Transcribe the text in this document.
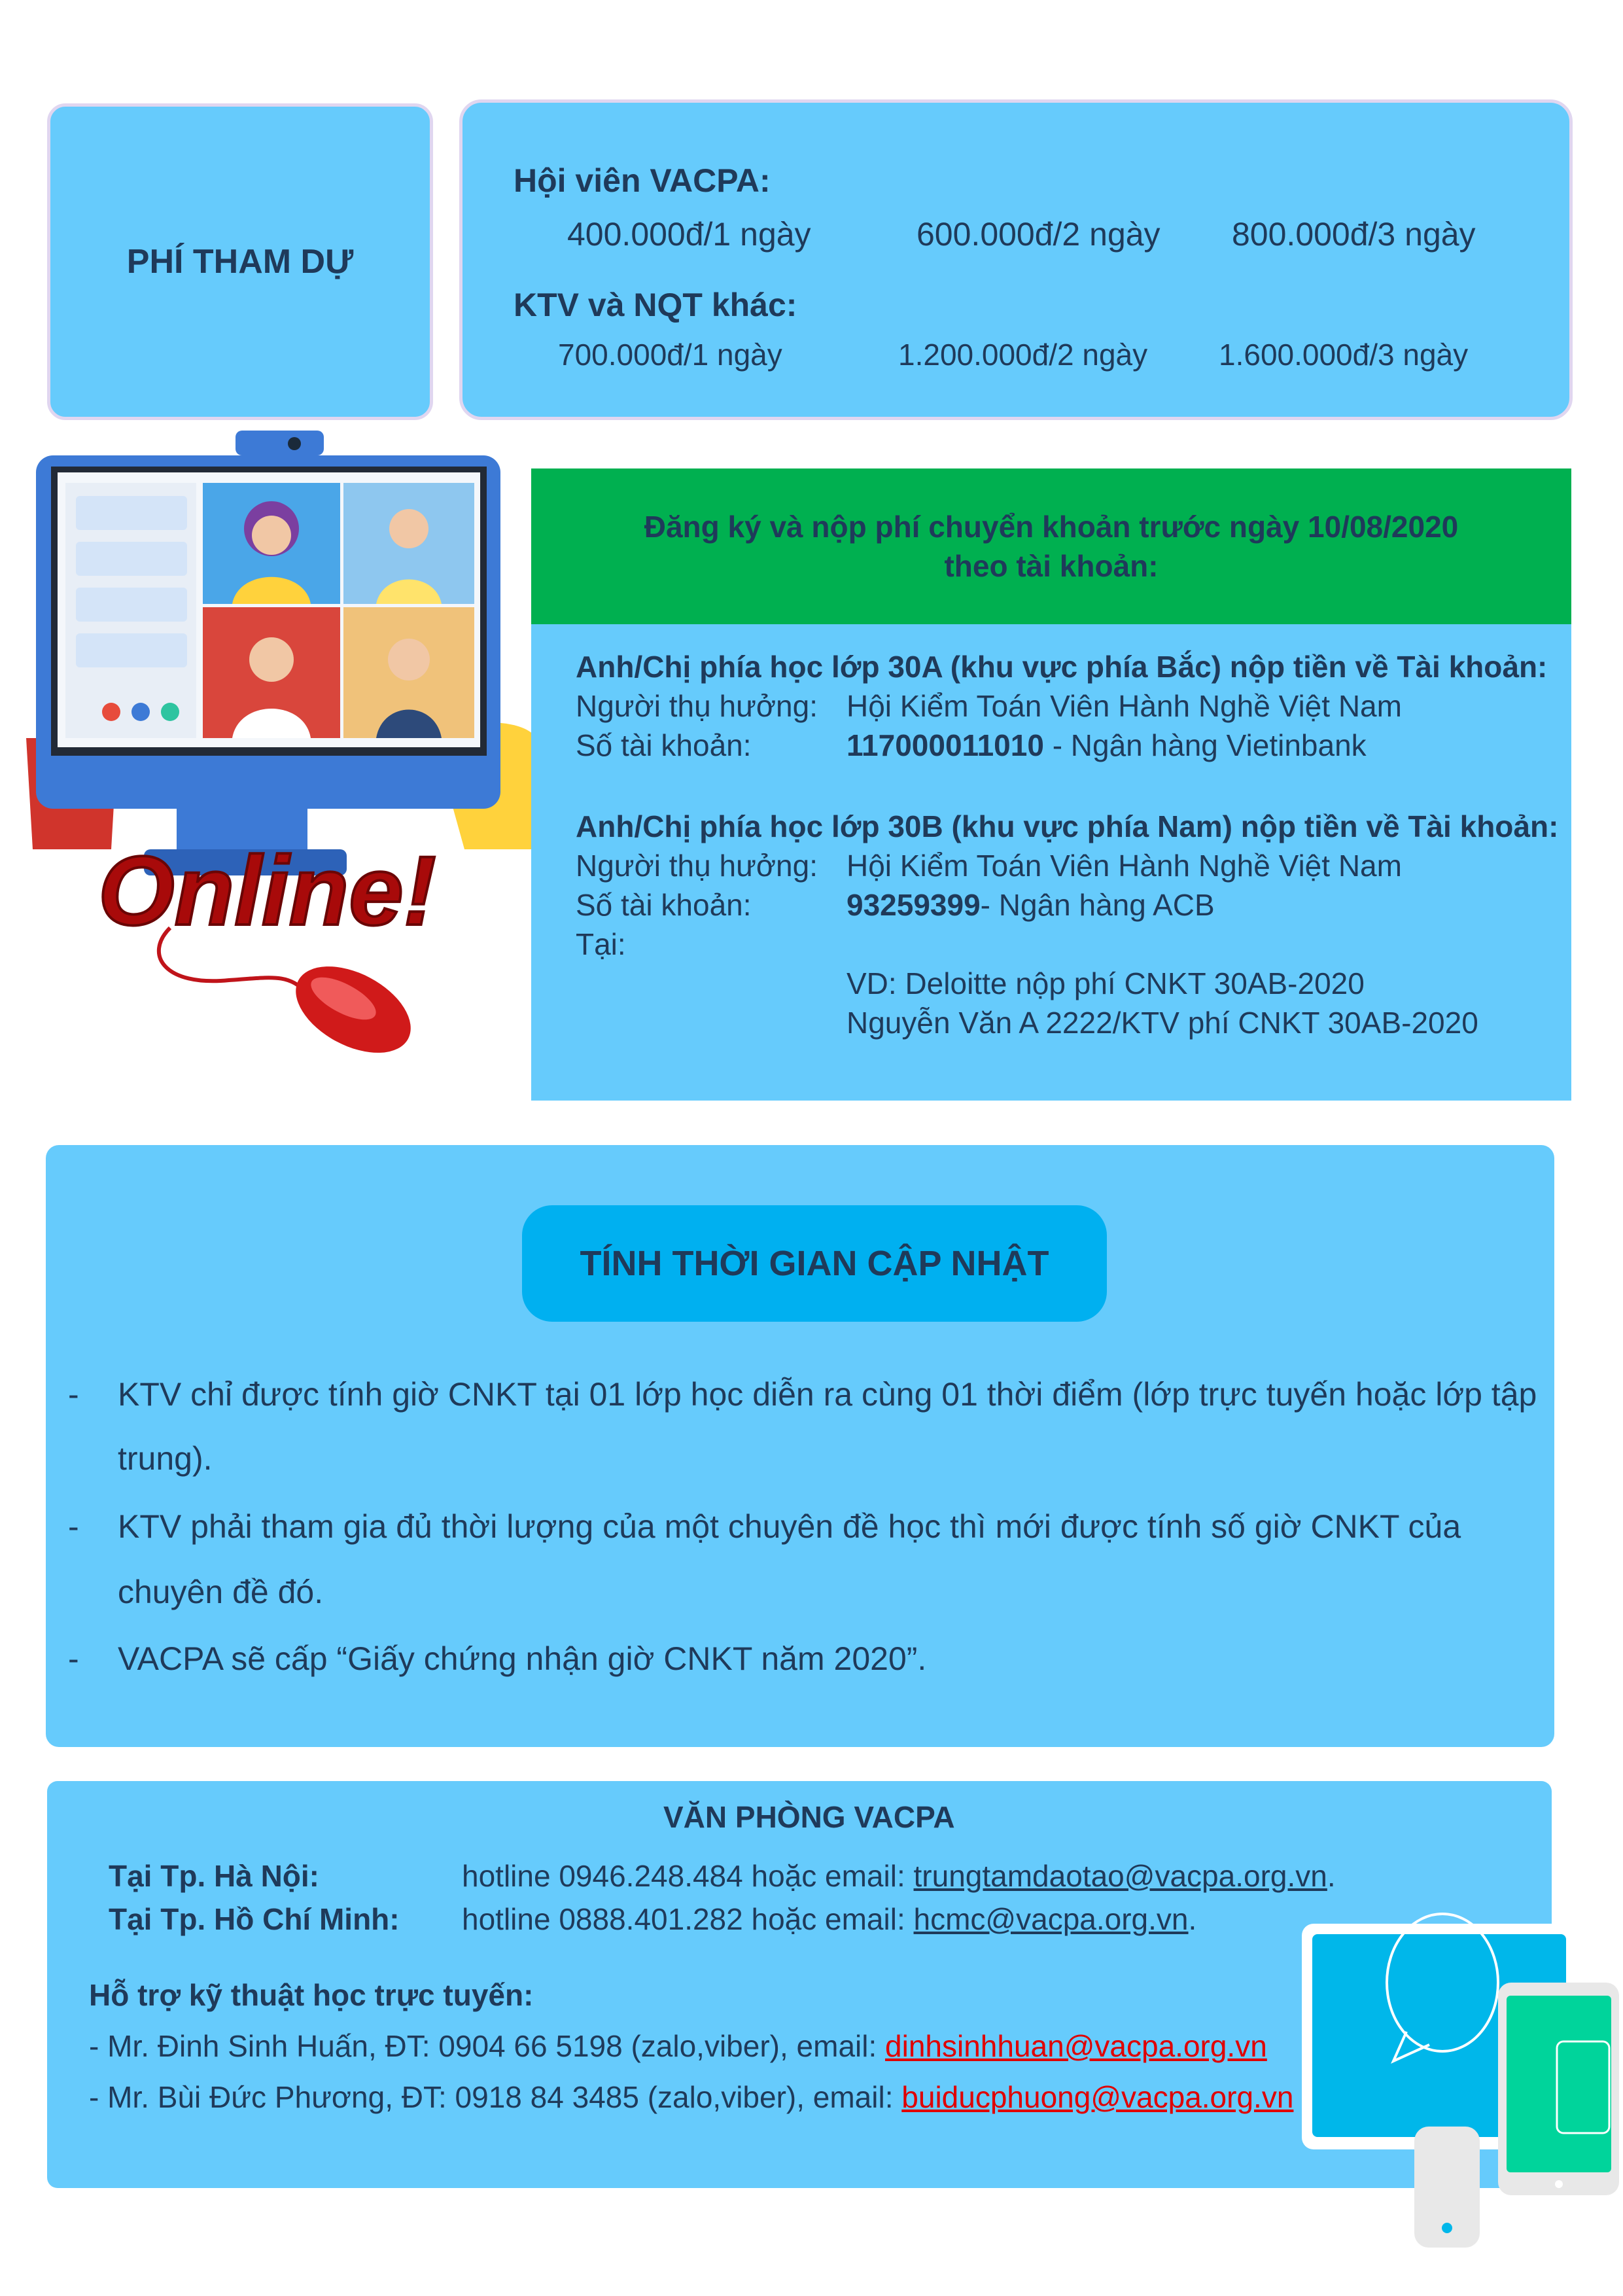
PHÍ THAM DỰ
Hội viên VACPA:
400.000đ/1 ngày	600.000đ/2 ngày 800.000đ/3 ngày
KTV và NQT khác:
700.000đ/1 ngày	1.200.000đ/2 ngày 1.600.000đ/3 ngày
Online!
Đăng ký và nộp phí chuyển khoản trước ngày 10/08/2020
theo tài khoản:
Anh/Chị phía học lớp 30A (khu vực phía Bắc) nộp tiền về Tài khoản:
Người thụ hưởng: Hội Kiểm Toán Viên Hành Nghề Việt Nam
Số tài khoản:	117000011010 - Ngân hàng Vietinbank
Anh/Chị phía học lớp 30B (khu vực phía Nam) nộp tiền về Tài khoản:
Người thụ hưởng: Hội Kiểm Toán Viên Hành Nghề Việt Nam
Số tài khoản:	93259399- Ngân hàng ACB
Tại:
VD: Deloitte nộp phí CNKT 30AB-2020
Nguyễn Văn A 2222/KTV phí CNKT 30AB-2020
TÍNH THỜI GIAN CẬP NHẬT
- KTV chỉ được tính giờ CNKT tại 01 lớp học diễn ra cùng 01 thời điểm (lớp trực tuyến hoặc lớp tập
trung).
- KTV phải tham gia đủ thời lượng của một chuyên đề học thì mới được tính số giờ CNKT của
chuyên đề đó.
- VACPA sẽ cấp “Giấy chứng nhận giờ CNKT năm 2020”.
VĂN PHÒNG VACPA
Tại Tp. Hà Nội:	hotline 0946.248.484 hoặc email: trungtamdaotao@vacpa.org.vn.
Tại Tp. Hồ Chí Minh: hotline 0888.401.282 hoặc email: hcmc@vacpa.org.vn.
Hỗ trợ kỹ thuật học trực tuyến:
- Mr. Đinh Sinh Huấn, ĐT: 0904 66 5198 (zalo,viber), email: dinhsinhhuan@vacpa.org.vn
- Mr. Bùi Đức Phương, ĐT: 0918 84 3485 (zalo,viber), email: buiducphuong@vacpa.org.vn
